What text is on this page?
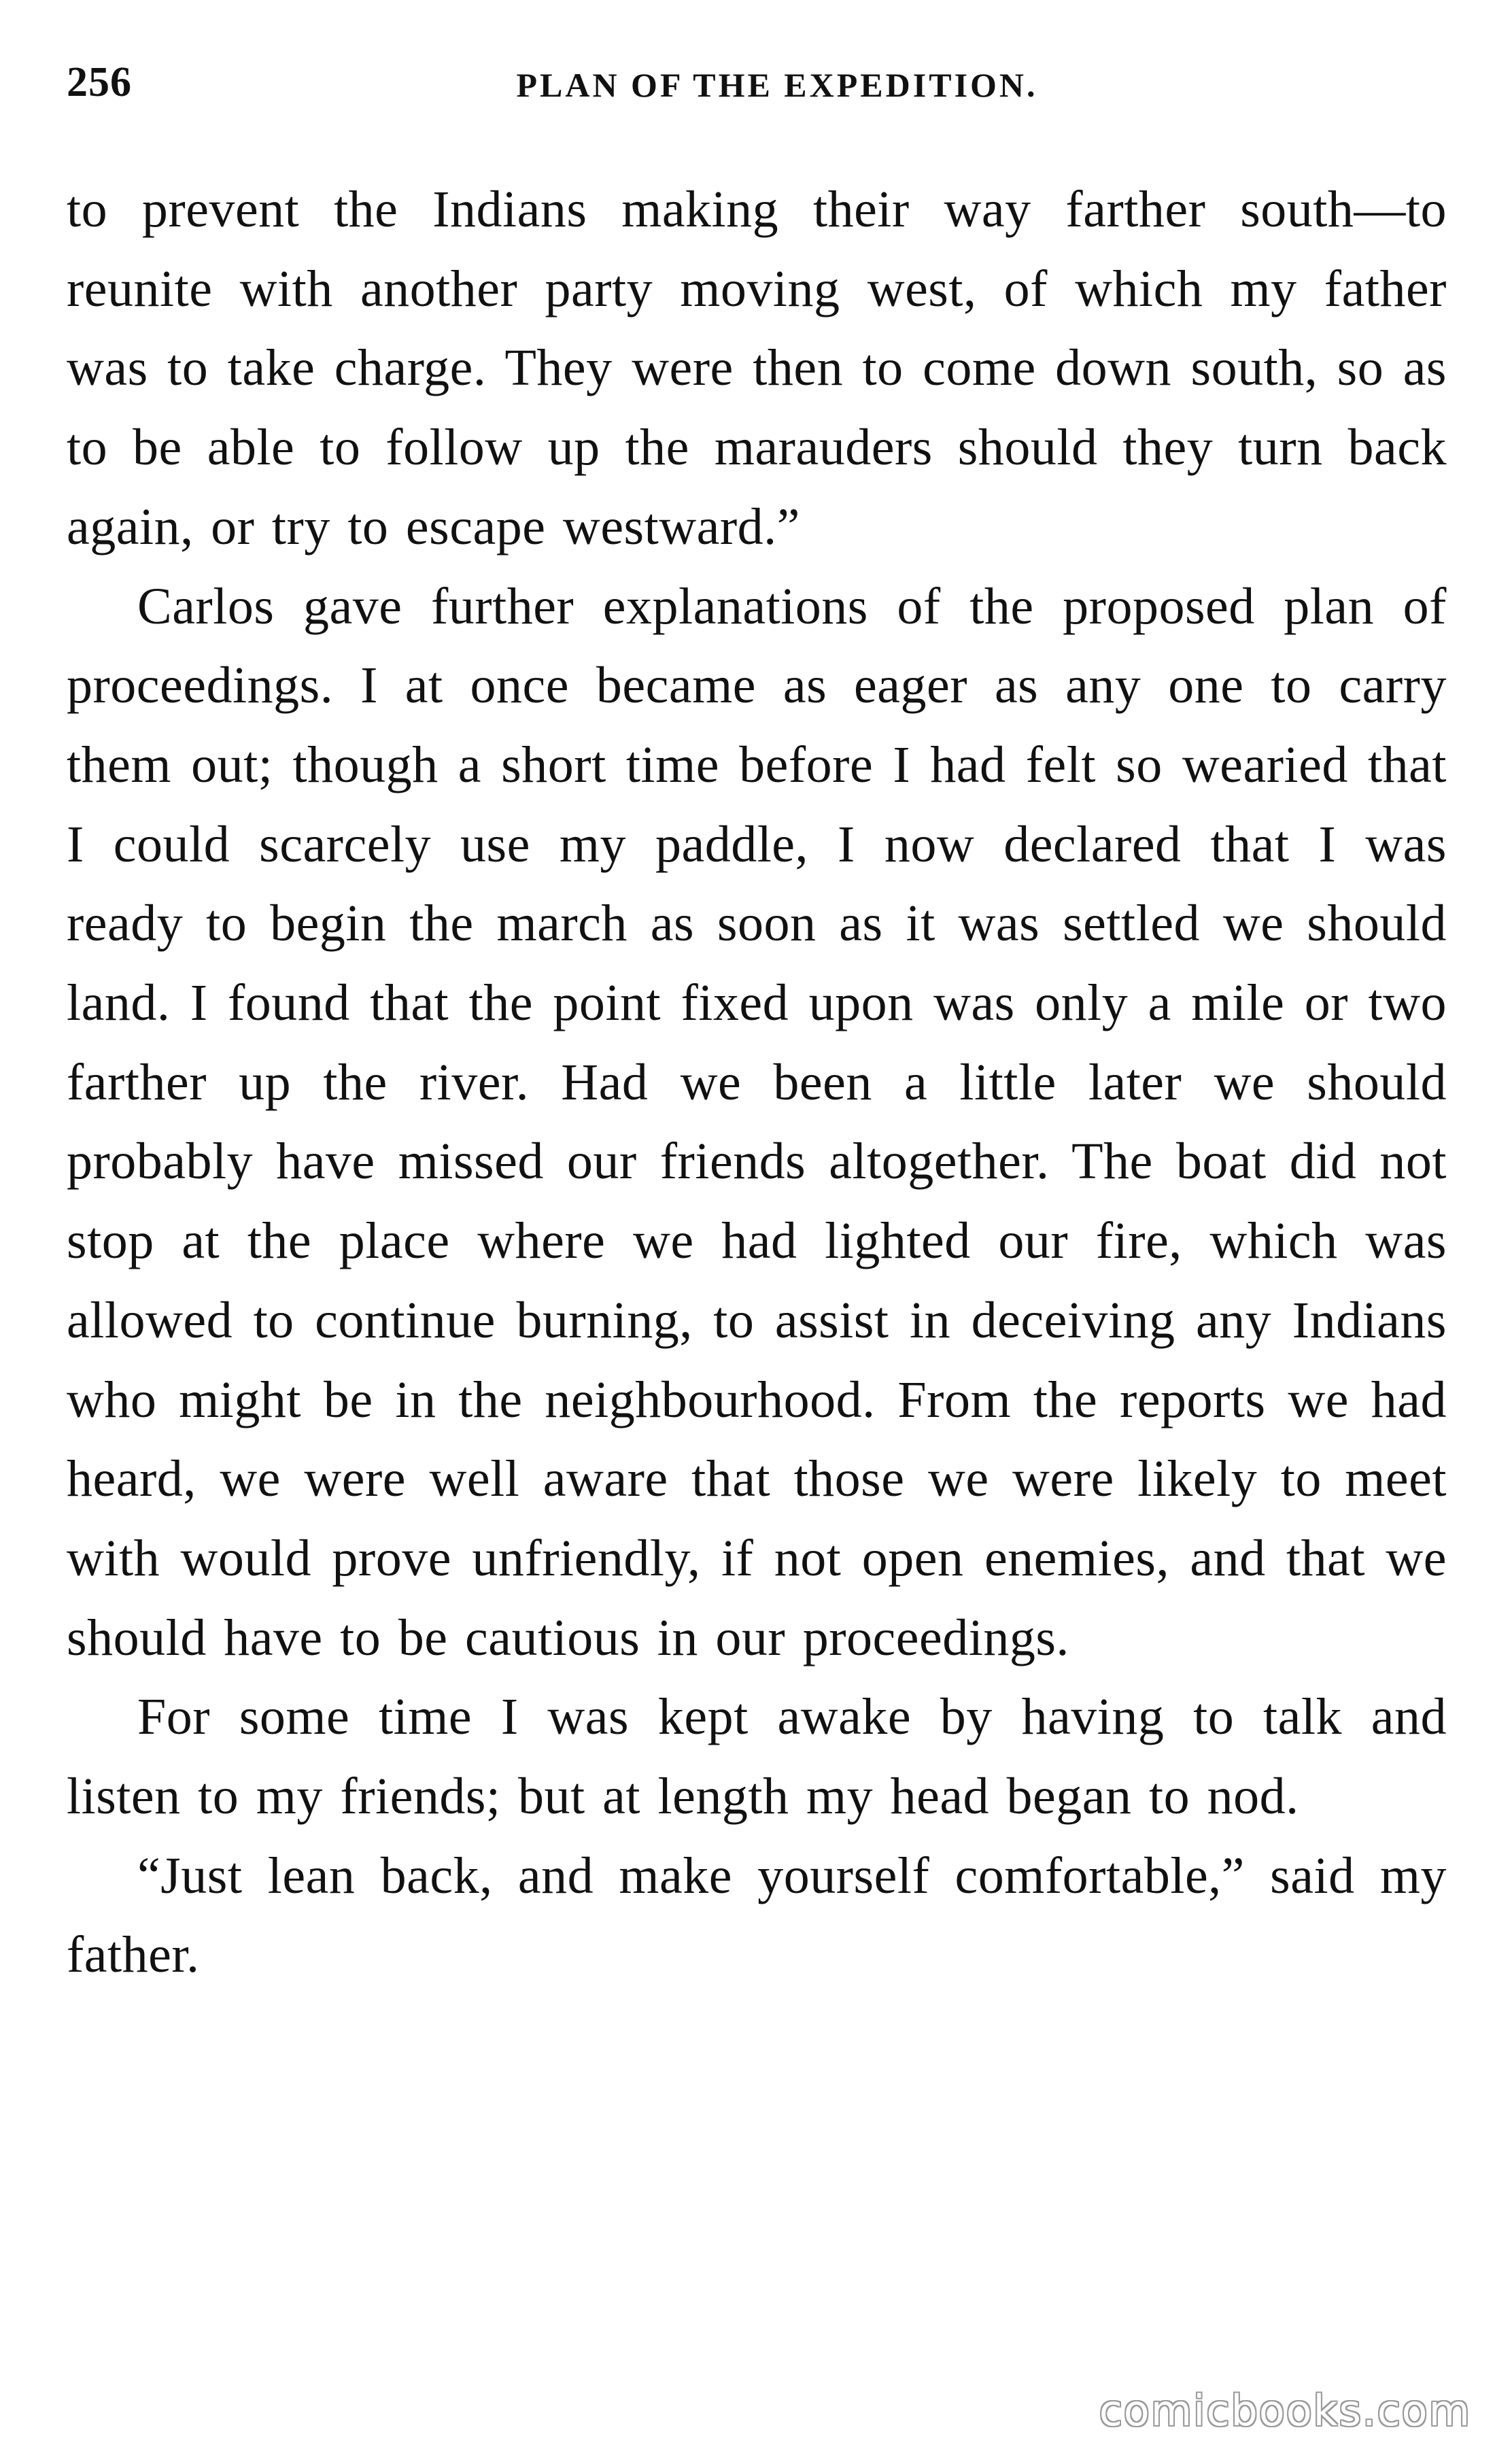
256	PLAN OF THE EXPEDITION.

to prevent the Indians making their way farther south—to reunite with another party moving west, of which my father was to take charge. They were then to come down south, so as to be able to follow up the marauders should they turn back again, or try to escape westward.”

Carlos gave further explanations of the proposed plan of proceedings. I at once became as eager as any one to carry them out; though a short time before I had felt so wearied that I could scarcely use my paddle, I now declared that I was ready to begin the march as soon as it was settled we should land. I found that the point fixed upon was only a mile or two farther up the river. Had we been a little later we should probably have missed our friends altogether. The boat did not stop at the place where we had lighted our fire, which was allowed to continue burning, to assist in deceiving any Indians who might be in the neighbourhood. From the reports we had heard, we were well aware that those we were likely to meet with would prove unfriendly, if not open enemies, and that we should have to be cautious in our proceedings.

For some time I was kept awake by having to talk and listen to my friends; but at length my head began to nod.

“Just lean back, and make yourself comfortable,” said my father.

comicbooks.com
